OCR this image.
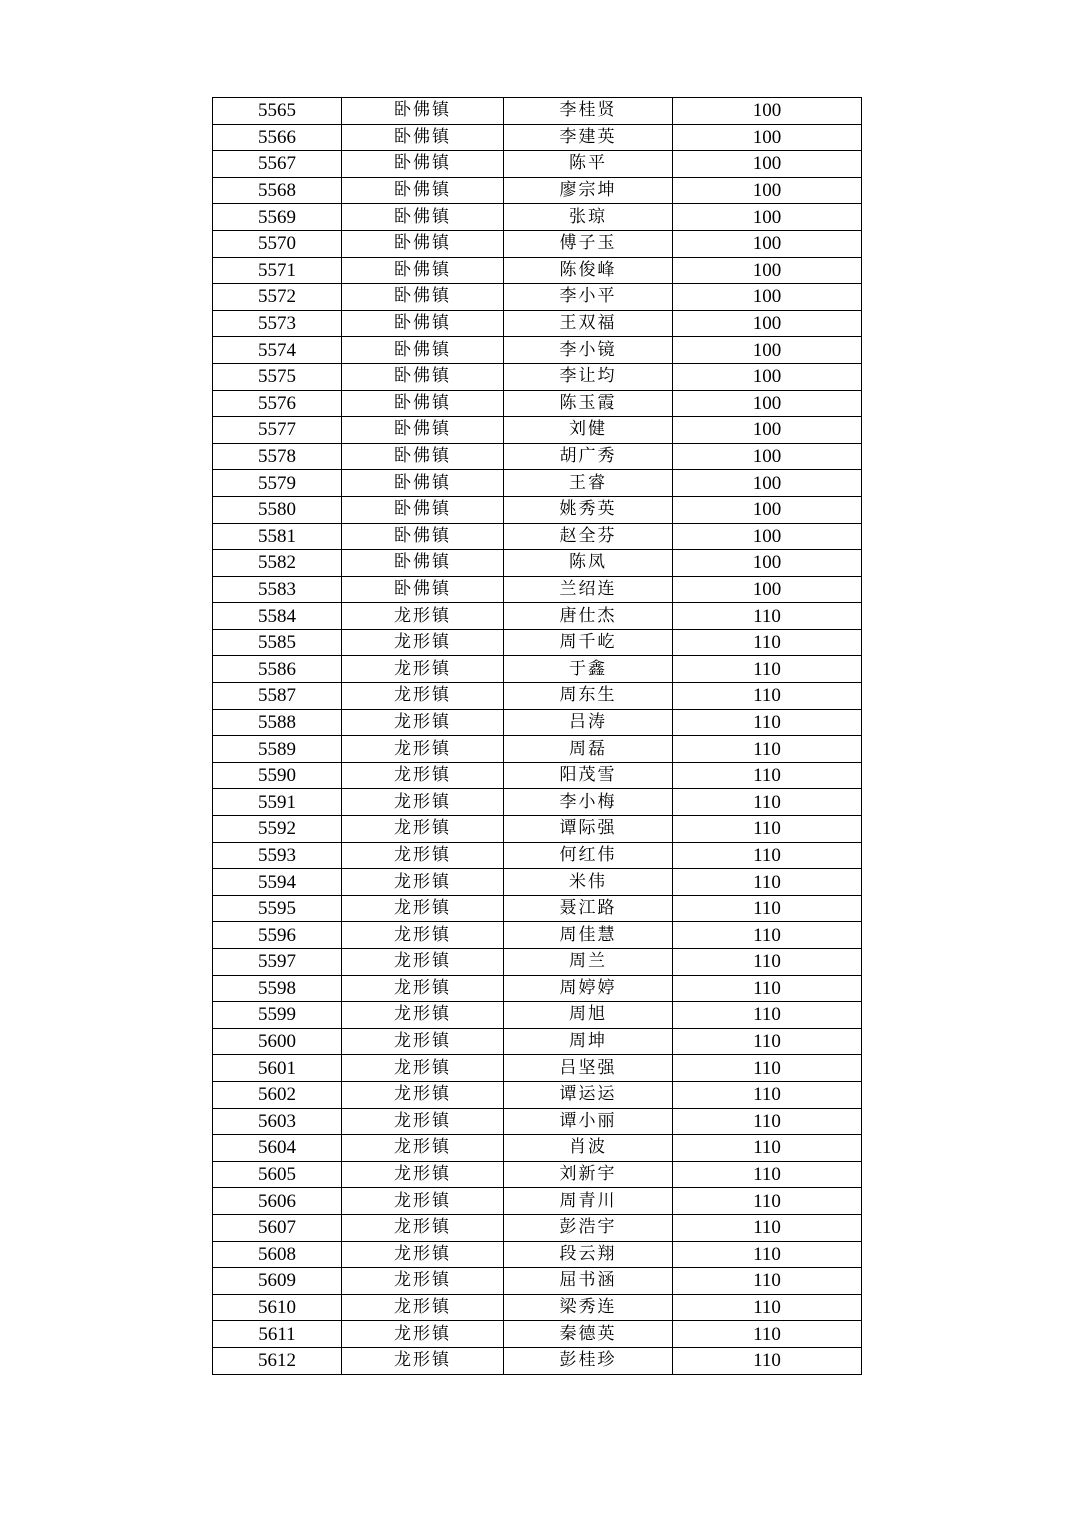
5565	卧佛镇	李桂贤	100
5566	卧佛镇	李建英	100
5567	卧佛镇	陈平	100
5568	卧佛镇	廖宗坤	100
5569	卧佛镇	张琼	100
5570	卧佛镇	傅子玉	100
5571	卧佛镇	陈俊峰	100
5572	卧佛镇	李小平	100
5573	卧佛镇	王双福	100
5574	卧佛镇	李小镜	100
5575	卧佛镇	李让均	100
5576	卧佛镇	陈玉霞	100
5577	卧佛镇	刘健	100
5578	卧佛镇	胡广秀	100
5579	卧佛镇	王睿	100
5580	卧佛镇	姚秀英	100
5581	卧佛镇	赵全芬	100
5582	卧佛镇	陈凤	100
5583	卧佛镇	兰绍连	100
5584	龙形镇	唐仕杰	110
5585	龙形镇	周千屹	110
5586	龙形镇	于鑫	110
5587	龙形镇	周东生	110
5588	龙形镇	吕涛	110
5589	龙形镇	周磊	110
5590	龙形镇	阳茂雪	110
5591	龙形镇	李小梅	110
5592	龙形镇	谭际强	110
5593	龙形镇	何红伟	110
5594	龙形镇	米伟	110
5595	龙形镇	聂江路	110
5596	龙形镇	周佳慧	110
5597	龙形镇	周兰	110
5598	龙形镇	周婷婷	110
5599	龙形镇	周旭	110
5600	龙形镇	周坤	110
5601	龙形镇	吕坚强	110
5602	龙形镇	谭运运	110
5603	龙形镇	谭小丽	110
5604	龙形镇	肖波	110
5605	龙形镇	刘新宇	110
5606	龙形镇	周青川	110
5607	龙形镇	彭浩宇	110
5608	龙形镇	段云翔	110
5609	龙形镇	屈书涵	110
5610	龙形镇	梁秀连	110
5611	龙形镇	秦德英	110
5612	龙形镇	彭桂珍	110
